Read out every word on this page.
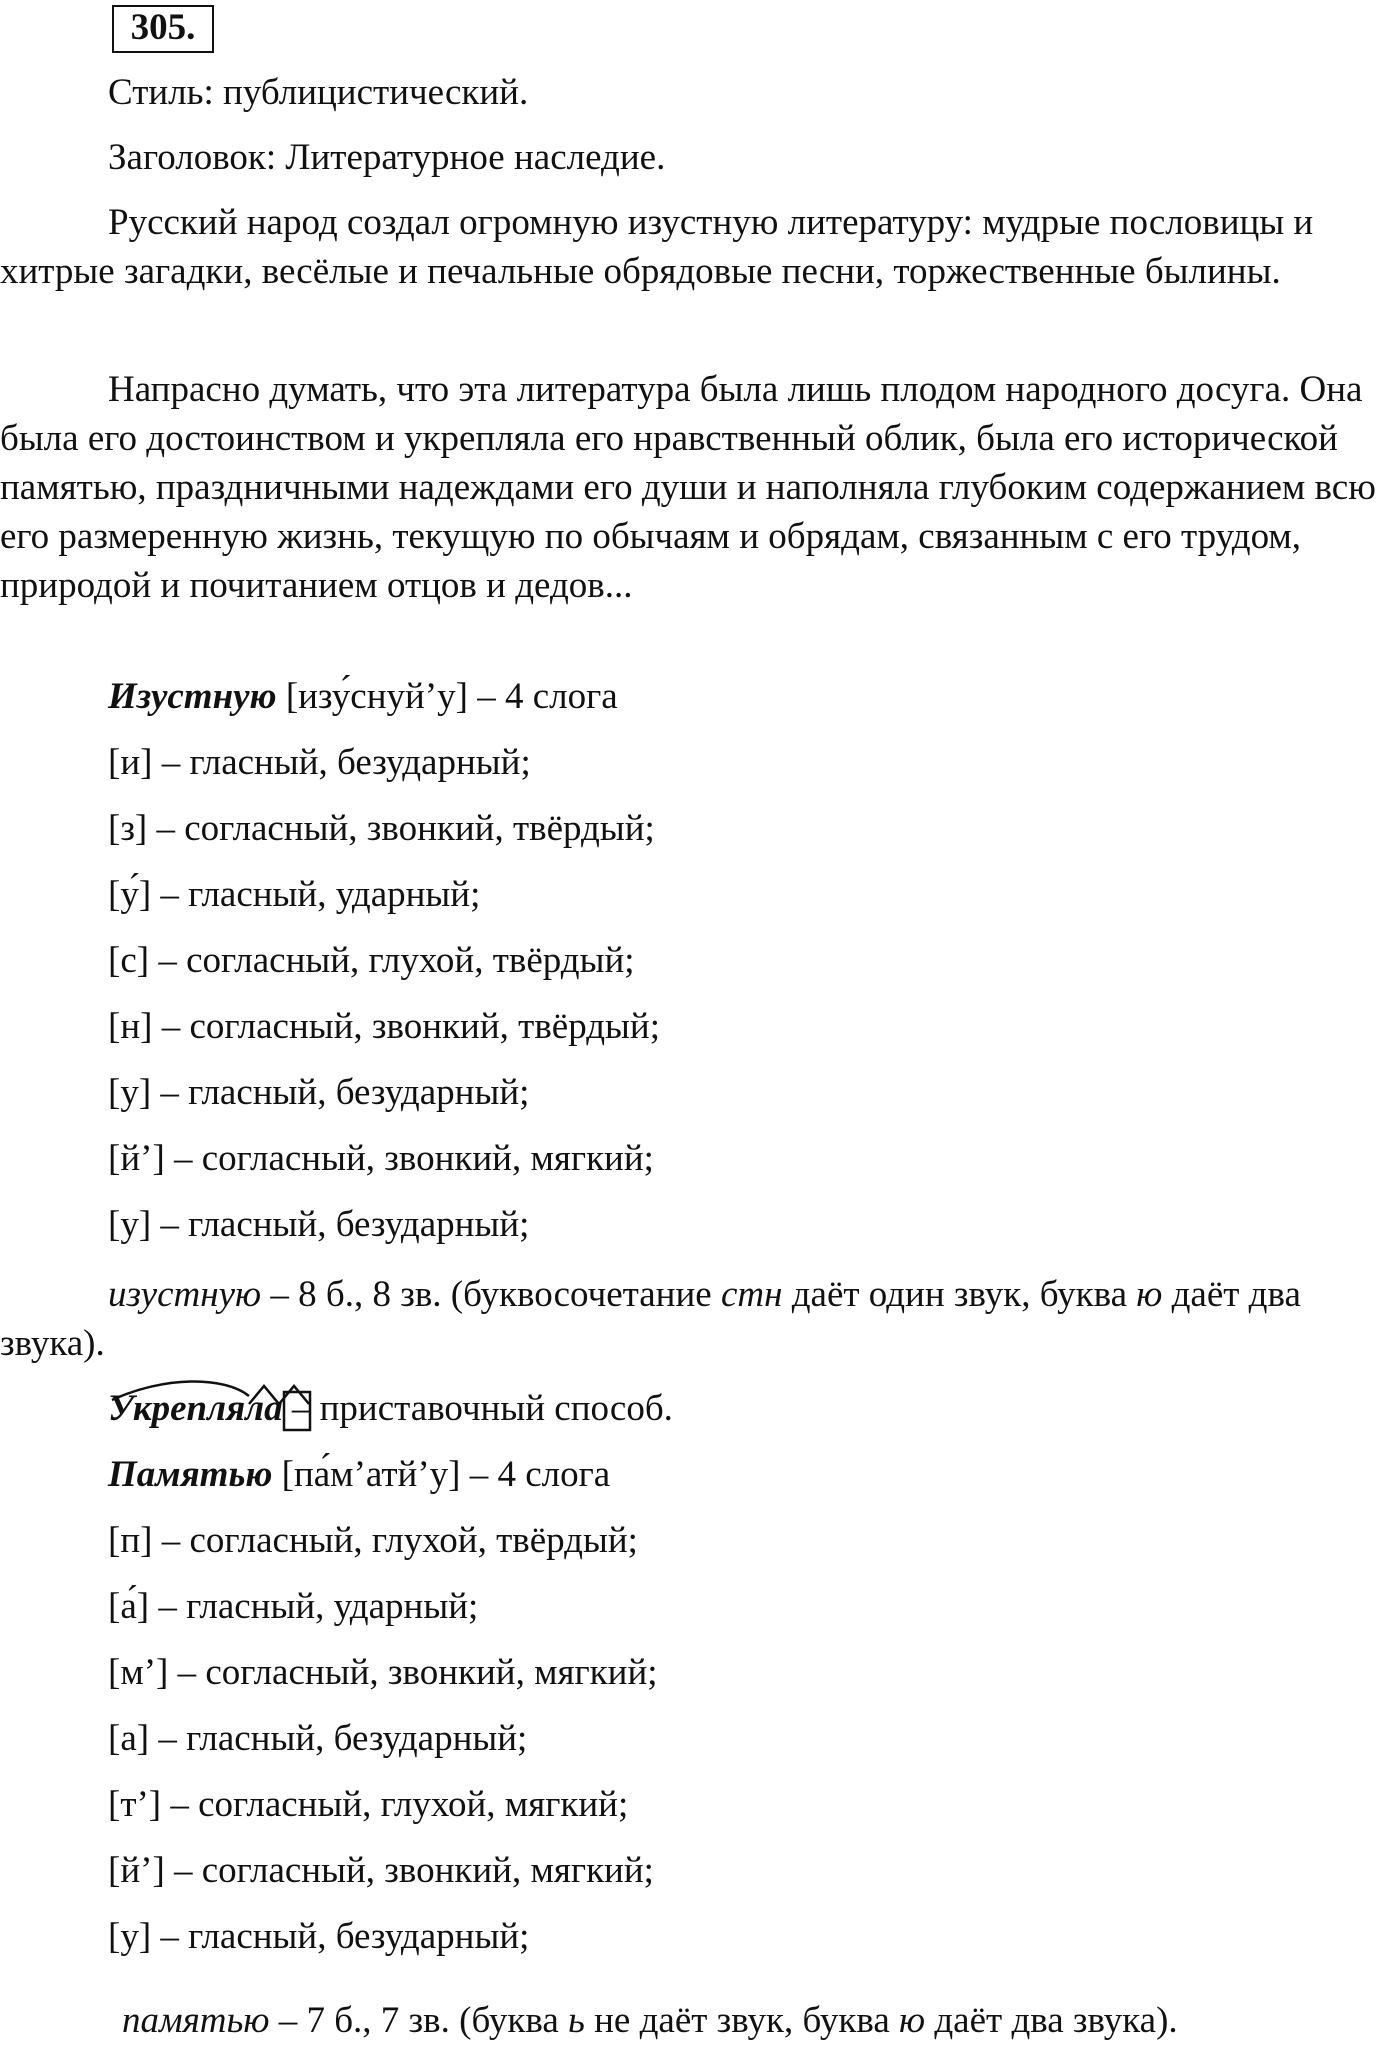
305.
Стиль: публицистический.
Заголовок: Литературное наследие.
Русский народ создал огромную изустную литературу: мудрые пословицы и хитрые загадки, весёлые и печальные обрядовые песни, торжественные былины.
Напрасно думать, что эта литература была лишь плодом народного досуга. Она была его достоинством и укрепляла его нравственный облик, была его исторической памятью, праздничными надеждами его души и наполняла глубоким содержанием всю его размеренную жизнь, текущую по обычаям и обрядам, связанным с его трудом, природой и почитанием отцов и дедов...
Изустную [изу́снуй’у] – 4 слога
[и] – гласный, безударный;
[з] – согласный, звонкий, твёрдый;
[у́] – гласный, ударный;
[с] – согласный, глухой, твёрдый;
[н] – согласный, звонкий, твёрдый;
[у] – гласный, безударный;
[й’] – согласный, звонкий, мягкий;
[у] – гласный, безударный;
изустную – 8 б., 8 зв. (буквосочетание стн даёт один звук, буква ю даёт два звука).
Укрепляла – приставочный способ.
Памятью [па́м’атй’у] – 4 слога
[п] – согласный, глухой, твёрдый;
[а́] – гласный, ударный;
[м’] – согласный, звонкий, мягкий;
[а] – гласный, безударный;
[т’] – согласный, глухой, мягкий;
[й’] – согласный, звонкий, мягкий;
[у] – гласный, безударный;
памятью – 7 б., 7 зв. (буква ь не даёт звук, буква ю даёт два звука).
